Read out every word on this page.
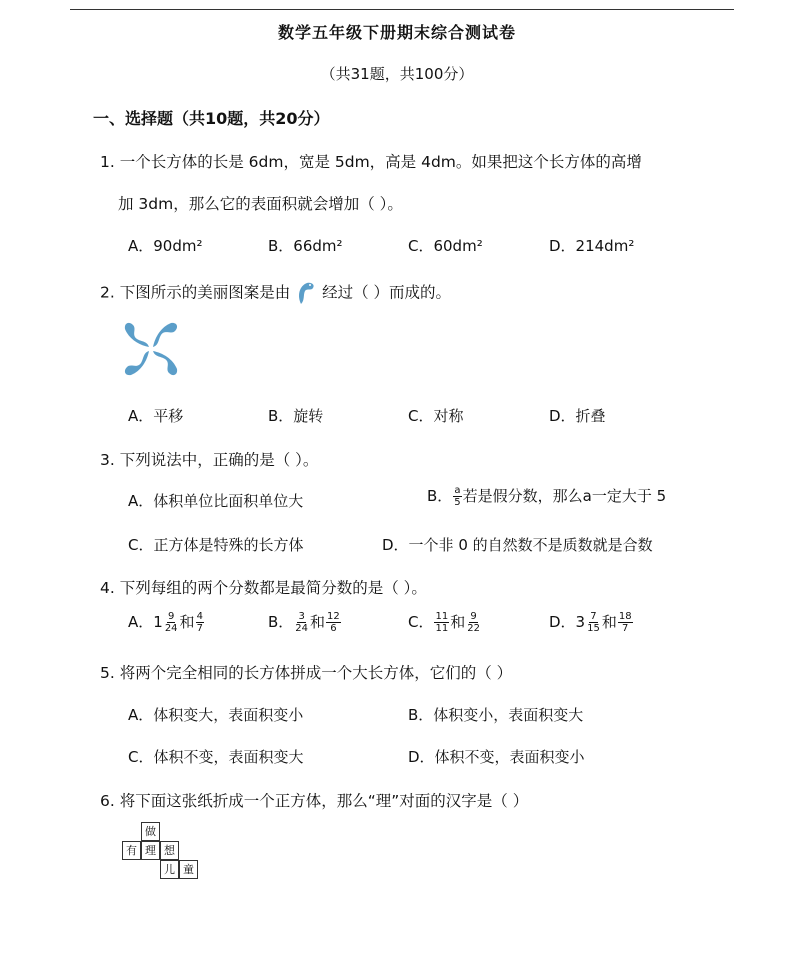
数学五年级下册期末综合测试卷
（共31题，共100分）
一、选择题（共10题，共20分）
1. 一个长方体的长是 6dm，宽是 5dm，高是 4dm。如果把这个长方体的高增
加 3dm，那么它的表面积就会增加（ ）。
A．90dm²	B．66dm²	C．60dm²	D．214dm²
2. 下图所示的美丽图案是由 经过（ ）而成的。
A．平移	B．旋转	C．对称	D．折叠
3. 下列说法中，正确的是（ ）。
A．体积单位比面积单位大	B． $\frac{a}{5}$ 若是假分数，那么a一定大于 5
C．正方体是特殊的长方体	D．一个非 0 的自然数不是质数就是合数
4. 下列每组的两个分数都是最简分数的是（ ）。
A．$1 \frac{9}{24}$ 和 $\frac{4}{7}$	B． $\frac{3}{24}$ 和 $\frac{12}{6}$	C． $\frac{11}{11}$ 和 $\frac{9}{22}$	D．$3 \frac{7}{15}$ 和 $\frac{18}{7}$
5. 将两个完全相同的长方体拼成一个大长方体，它们的（ ）
A．体积变大，表面积变小	B．体积变小，表面积变大
C．体积不变，表面积变大	D．体积不变，表面积变小
6. 将下面这张纸折成一个正方体，那么“理”对面的汉字是（ ）
做
有 理 想
儿 童
